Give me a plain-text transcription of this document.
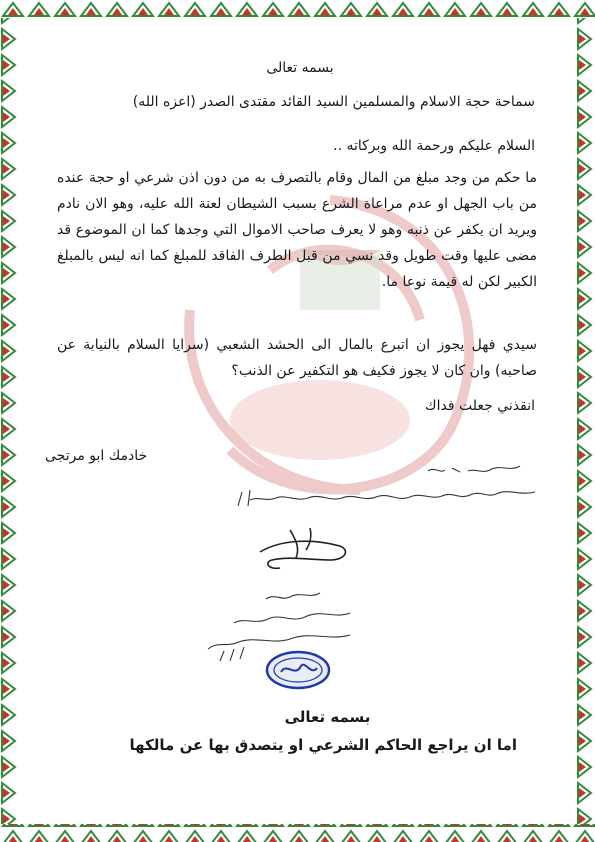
بسمه تعالى

سماحة حجة الاسلام والمسلمين السيد القائد مقتدى الصدر (اعزه الله)

السلام عليكم ورحمة الله وبركاته ..

ما حكم من وجد مبلغ من المال وقام بالتصرف به من دون اذن شرعي او حجة عنده من باب الجهل او عدم مراعاة الشرع بسبب الشيطان لعنة الله عليه، وهو الان نادم ويريد ان يكفر عن ذنبه وهو لا يعرف صاحب الاموال التي وجدها كما ان الموضوع قد مضى عليها وقت طويل وقد نسي من قبل الطرف الفاقد للمبلغ كما انه ليس بالمبلغ الكبير لكن له قيمة نوعا ما.

سيدي فهل يجوز ان اتبرع بالمال الى الحشد الشعبي (سرايا السلام بالنيابة عن صاحبه) وان كان لا يجوز فكيف هو التكفير عن الذنب؟

انقذني جعلت فداك

خادمك ابو مرتجى

بسمه تعالى

اما ان يراجع الحاكم الشرعي او يتصدق بها عن مالكها
